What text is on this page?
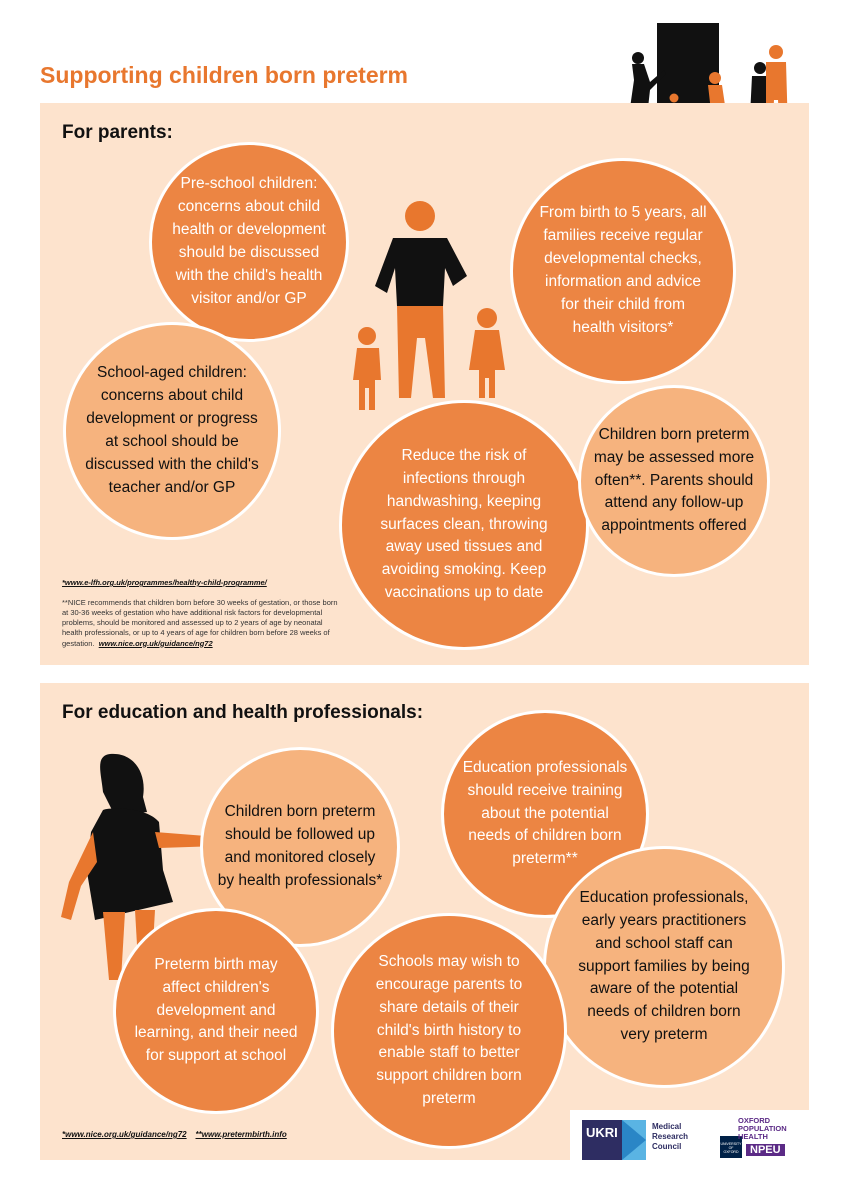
Supporting children born preterm
For parents:
Pre-school children: concerns about child health or development should be discussed with the child's health visitor and/or GP
From birth to 5 years, all families receive regular developmental checks, information and advice for their child from health visitors*
School-aged children: concerns about child development or progress at school should be discussed with the child's teacher and/or GP
Reduce the risk of infections through handwashing, keeping surfaces clean, throwing away used tissues and avoiding smoking. Keep vaccinations up to date
Children born preterm may be assessed more often**. Parents should attend any follow-up appointments offered
*www.e-lfh.org.uk/programmes/healthy-child-programme/
**NICE recommends that children born before 30 weeks of gestation, or those born at 30-36 weeks of gestation who have additional risk factors for developmental problems, should be monitored and assessed up to 2 years of age by neonatal health professionals, or up to 4 years of age for children born before 28 weeks of gestation. www.nice.org.uk/guidance/ng72
For education and health professionals:
Children born preterm should be followed up and monitored closely by health professionals*
Education professionals should receive training about the potential needs of children born preterm**
Education professionals, early years practitioners and school staff can support families by being aware of the potential needs of children born very preterm
Preterm birth may affect children's development and learning, and their need for support at school
Schools may wish to encourage parents to share details of their child's birth history to enable staff to better support children born preterm
*www.nice.org.uk/guidance/ng72 **www.pretermbirth.info	UKRI	Medical
Research
Council	UNIVERSITY OF
OXFORD
OXFORD
POPULATION
HEALTH
NPEU
